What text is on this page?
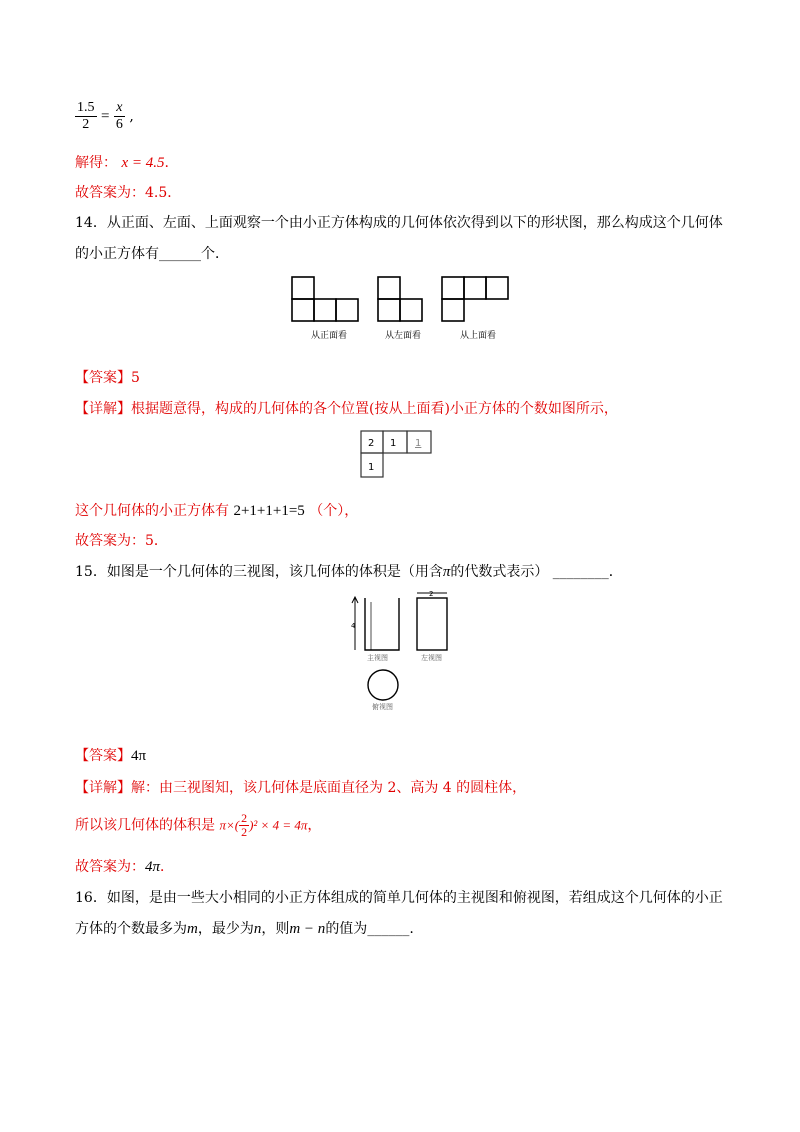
$\frac{1.5}{2} = \frac{x}{6}$ ,
解得： x = 4.5.
故答案为：4.5．
14．从正面、左面、上面观察一个由小正方体构成的几何体依次得到以下的形状图，那么构成这个几何体
的小正方体有______个．
从正面看	从左面看	从上面看
【答案】5
【详解】根据题意得，构成的几何体的各个位置(按从上面看)小正方体的个数如图所示，
2 1 1
1
这个几何体的小正方体有 2+1+1+1=5 （个），
故答案为：5．
15．如图是一个几何体的三视图，该几何体的体积是（用含π的代数式表示） ________．
4
2
主视图	左视图
俯视图
【答案】4π
【详解】解：由三视图知，该几何体是底面直径为 2、高为 4 的圆柱体，
所以该几何体的体积是 $\pi\times( \frac{2}{2} )^2 \times 4 = 4\pi$，
故答案为：4π．
16．如图，是由一些大小相同的小正方体组成的简单几何体的主视图和俯视图，若组成这个几何体的小正
方体的个数最多为m，最少为n，则m − n的值为______.
